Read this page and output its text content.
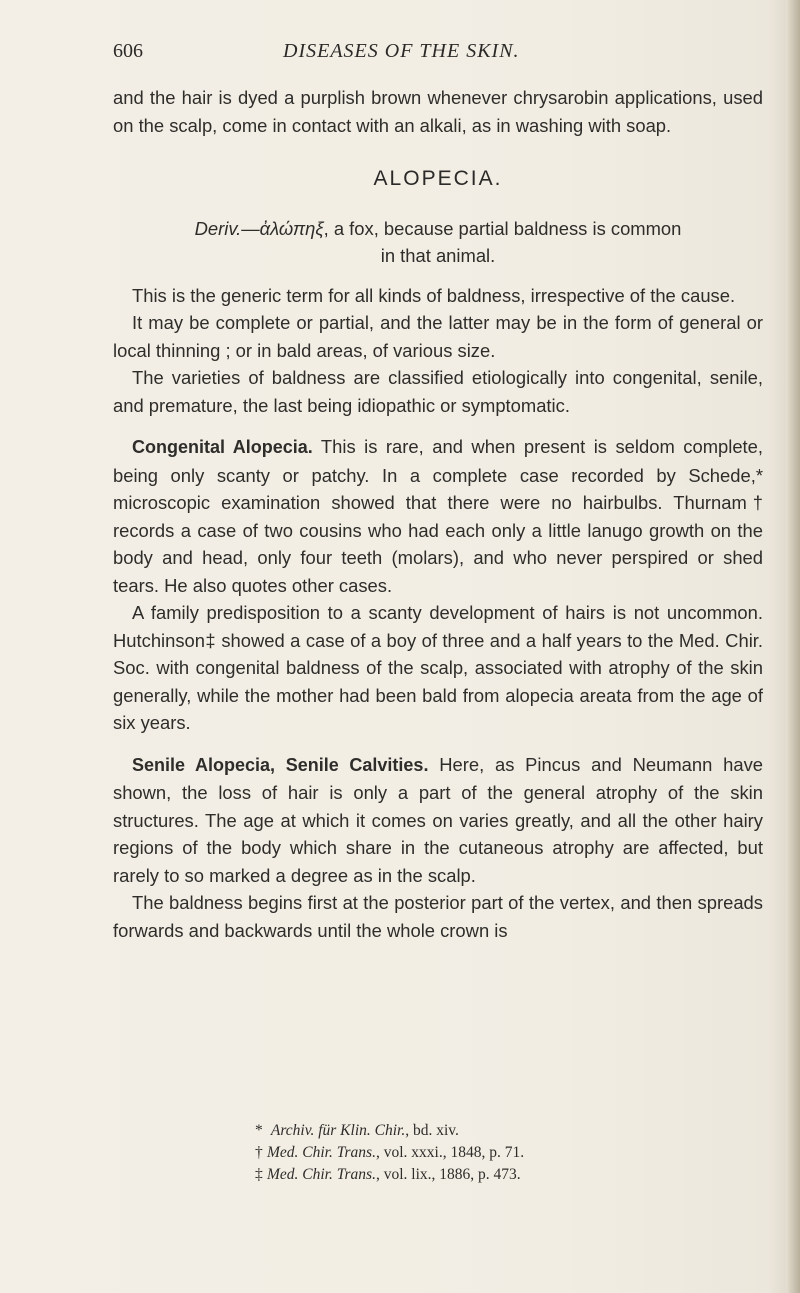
606	DISEASES OF THE SKIN.

and the hair is dyed a purplish brown whenever chrysarobin applications, used on the scalp, come in contact with an alkali, as in washing with soap.

ALOPECIA.

Deriv.—ἀλώπηξ, a fox, because partial baldness is common

in that animal.

This is the generic term for all kinds of baldness, irrespective of the cause.

It may be complete or partial, and the latter may be in the form of general or local thinning ; or in bald areas, of various size.

The varieties of baldness are classified etiologically into congenital, senile, and premature, the last being idiopathic or symptomatic.

Congenital Alopecia. This is rare, and when present is seldom complete, being only scanty or patchy. In a complete case recorded by Schede,* microscopic examination showed that there were no hairbulbs. Thurnam† records a case of two cousins who had each only a little lanugo growth on the body and head, only four teeth (molars), and who never perspired or shed tears. He also quotes other cases.

A family predisposition to a scanty development of hairs is not uncommon. Hutchinson‡ showed a case of a boy of three and a half years to the Med. Chir. Soc. with congenital baldness of the scalp, associated with atrophy of the skin generally, while the mother had been bald from alopecia areata from the age of six years.

Senile Alopecia, Senile Calvities. Here, as Pincus and Neumann have shown, the loss of hair is only a part of the general atrophy of the skin structures. The age at which it comes on varies greatly, and all the other hairy regions of the body which share in the cutaneous atrophy are affected, but rarely to so marked a degree as in the scalp.

The baldness begins first at the posterior part of the vertex, and then spreads forwards and backwards until the whole crown is

* Archiv. für Klin. Chir., bd. xiv.

† Med. Chir. Trans., vol. xxxi., 1848, p. 71.

‡ Med. Chir. Trans., vol. lix., 1886, p. 473.
